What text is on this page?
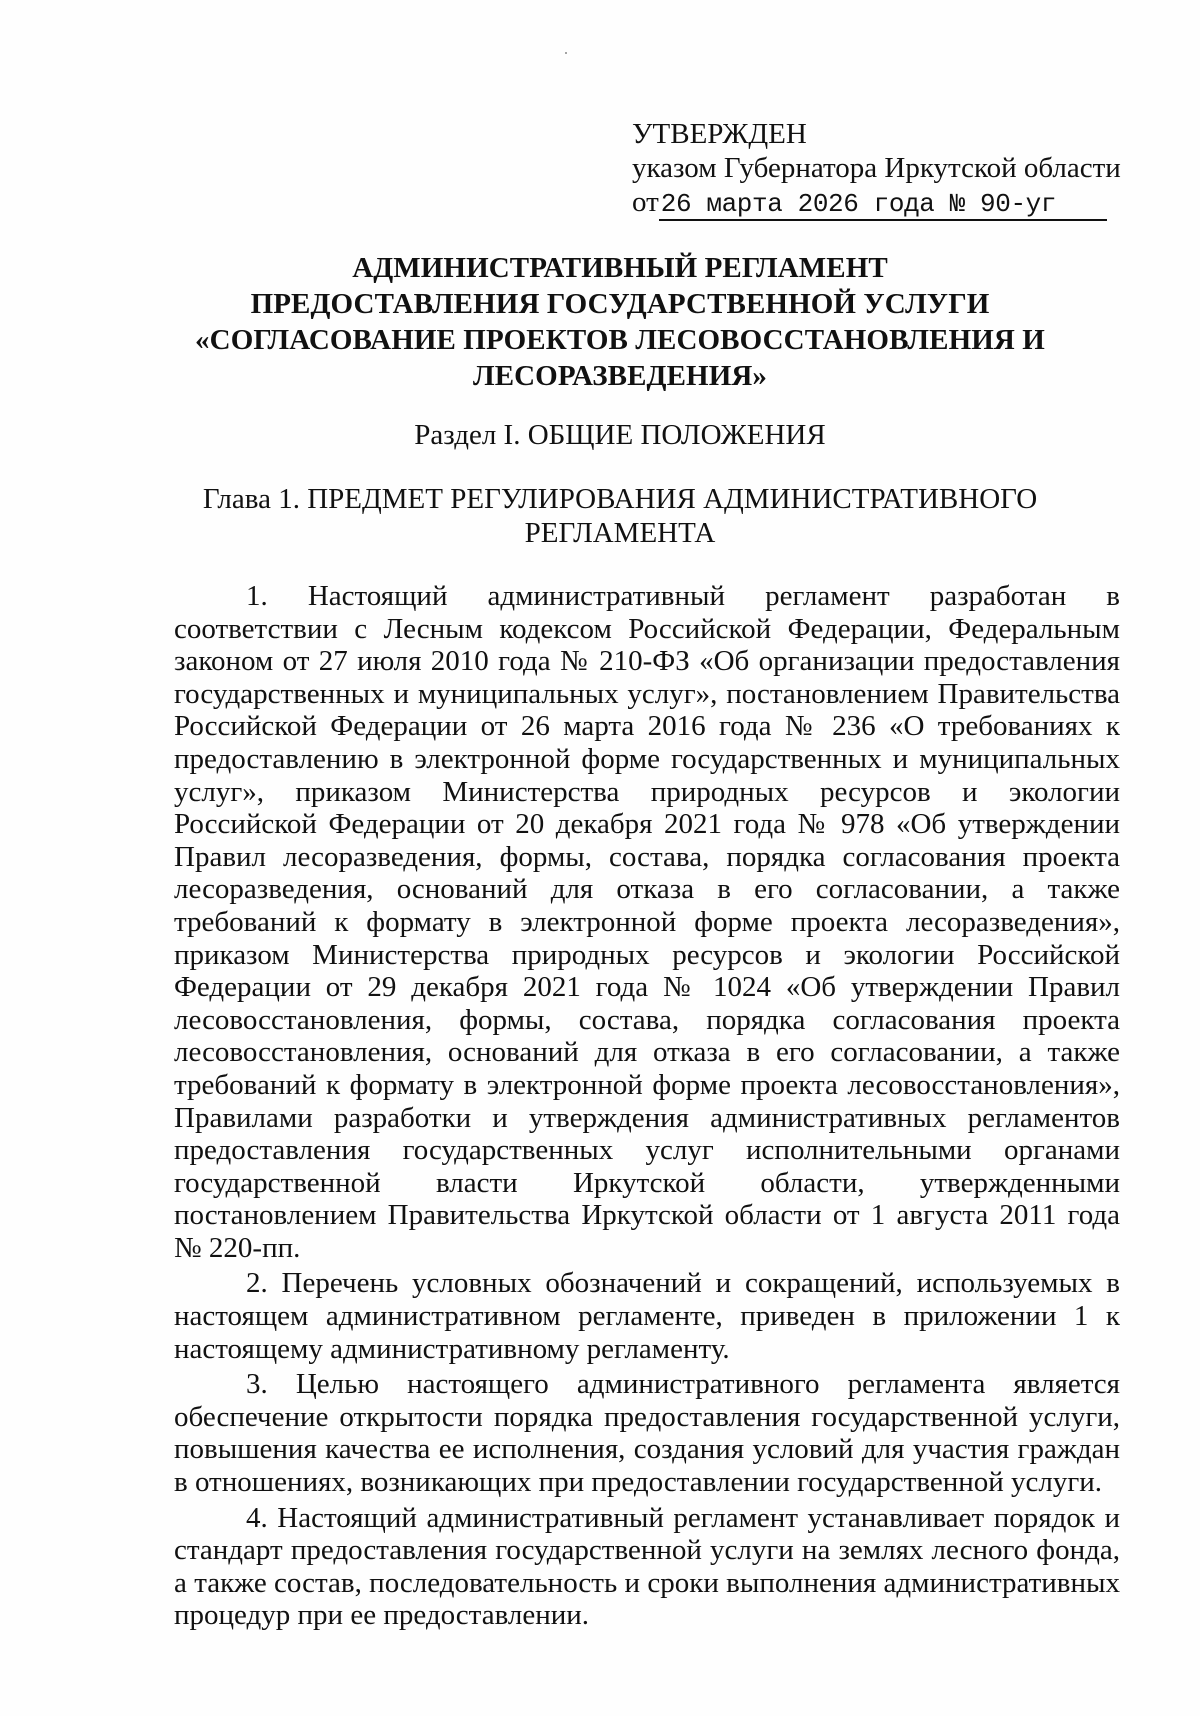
УТВЕРЖДЕН
указом Губернатора Иркутской области
от26 марта 2026 года № 90-уг
АДМИНИСТРАТИВНЫЙ РЕГЛАМЕНТ
ПРЕДОСТАВЛЕНИЯ ГОСУДАРСТВЕННОЙ УСЛУГИ
«СОГЛАСОВАНИЕ ПРОЕКТОВ ЛЕСОВОССТАНОВЛЕНИЯ И
ЛЕСОРАЗВЕДЕНИЯ»
Раздел I. ОБЩИЕ ПОЛОЖЕНИЯ
Глава 1. ПРЕДМЕТ РЕГУЛИРОВАНИЯ АДМИНИСТРАТИВНОГО
РЕГЛАМЕНТА

1. Настоящий административный регламент разработан в соответствии с Лесным кодексом Российской Федерации, Федеральным законом от 27 июля 2010 года № 210-ФЗ «Об организации предоставления государственных и муниципальных услуг», постановлением Правительства Российской Федерации от 26 марта 2016 года № 236 «О требованиях к предоставлению в электронной форме государственных и муниципальных услуг», приказом Министерства природных ресурсов и экологии Российской Федерации от 20 декабря 2021 года № 978 «Об утверждении Правил лесоразведения, формы, состава, порядка согласования проекта лесоразведения, оснований для отказа в его согласовании, а также требований к формату в электронной форме проекта лесоразведения», приказом Министерства природных ресурсов и экологии Российской Федерации от 29 декабря 2021 года № 1024 «Об утверждении Правил лесовосстановления, формы, состава, порядка согласования проекта лесовосстановления, оснований для отказа в его согласовании, а также требований к формату в электронной форме проекта лесовосстановления», Правилами разработки и утверждения административных регламентов предоставления государственных услуг исполнительными органами государственной власти Иркутской области, утвержденными постановлением Правительства Иркутской области от 1 августа 2011 года № 220-пп.

2. Перечень условных обозначений и сокращений, используемых в настоящем административном регламенте, приведен в приложении 1 к настоящему административному регламенту.

3. Целью настоящего административного регламента является обеспечение открытости порядка предоставления государственной услуги, повышения качества ее исполнения, создания условий для участия граждан в отношениях, возникающих при предоставлении государственной услуги.

4. Настоящий административный регламент устанавливает порядок и стандарт предоставления государственной услуги на землях лесного фонда, а также состав, последовательность и сроки выполнения административных процедур при ее предоставлении.
